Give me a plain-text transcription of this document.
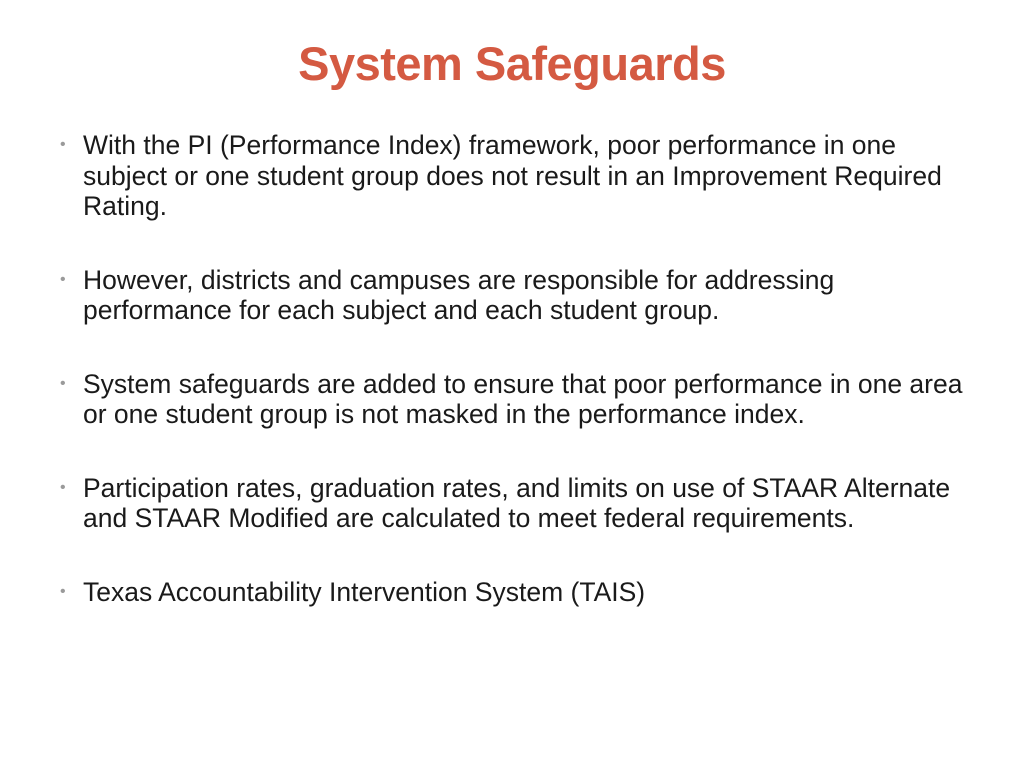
System Safeguards
• With the PI (Performance Index) framework, poor performance in one subject or one student group does not result in an Improvement Required Rating.
• However, districts and campuses are responsible for addressing performance for each subject and each student group.
• System safeguards are added to ensure that poor performance in one area or one student group is not masked in the performance index.
• Participation rates, graduation rates, and limits on use of STAAR Alternate and STAAR Modified are calculated to meet federal requirements.
• Texas Accountability Intervention System (TAIS)
